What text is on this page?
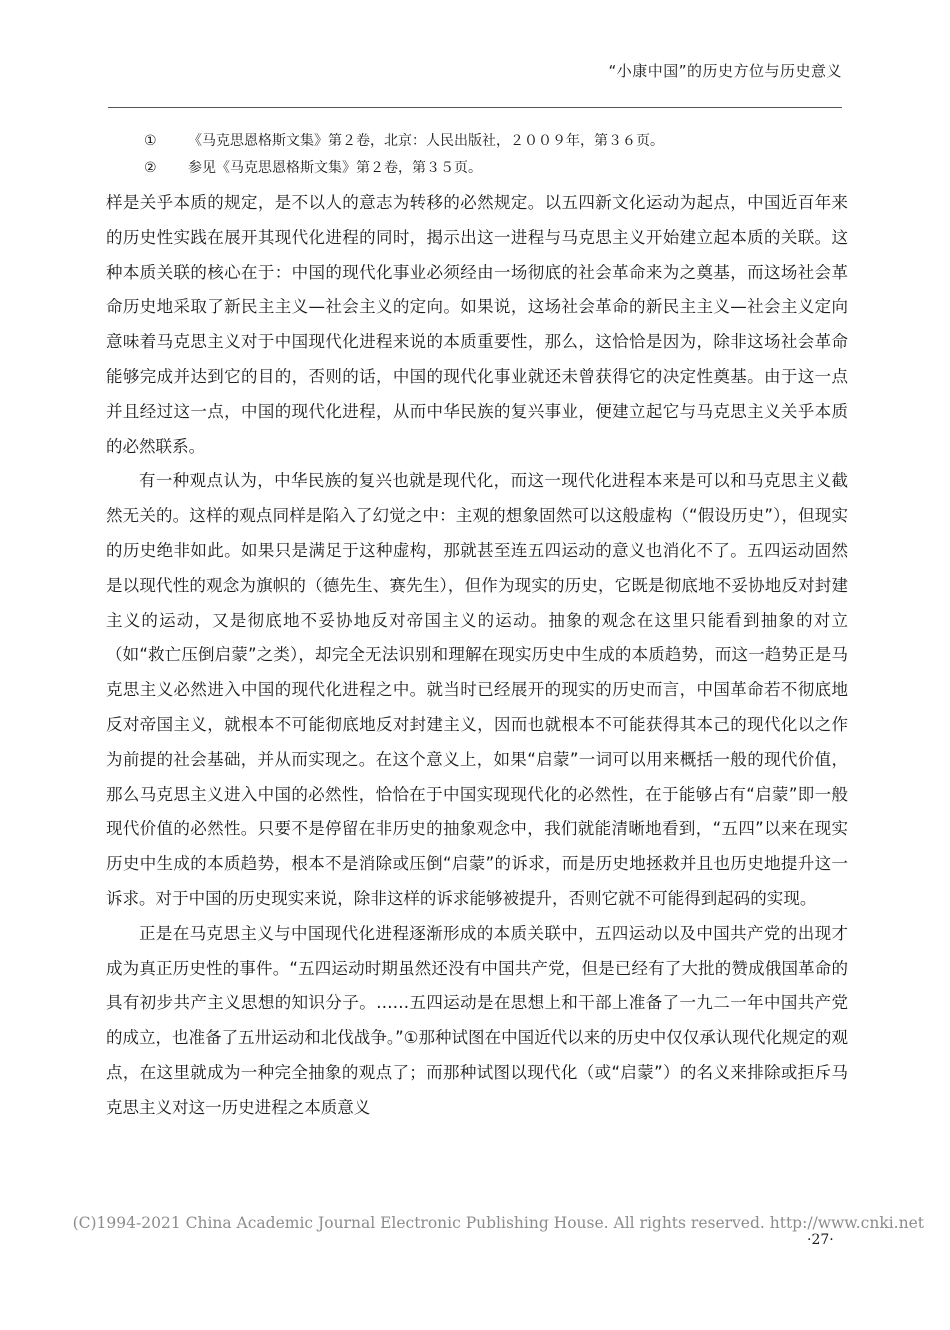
“小康中国”的历史方位与历史意义
① 《马克思恩格斯文集》第２卷，北京：人民出版社，２００９年，第３６页。
② 参见《马克思恩格斯文集》第２卷，第３５页。

样是关乎本质的规定，是不以人的意志为转移的必然规定。以五四新文化运动为起点，中国近百年来的历史性实践在展开其现代化进程的同时，揭示出这一进程与马克思主义开始建立起本质的关联。这种本质关联的核心在于：中国的现代化事业必须经由一场彻底的社会革命来为之奠基，而这场社会革命历史地采取了新民主主义—社会主义的定向。如果说，这场社会革命的新民主主义—社会主义定向意味着马克思主义对于中国现代化进程来说的本质重要性，那么，这恰恰是因为，除非这场社会革命能够完成并达到它的目的，否则的话，中国的现代化事业就还未曾获得它的决定性奠基。由于这一点并且经过这一点，中国的现代化进程，从而中华民族的复兴事业，便建立起它与马克思主义关乎本质的必然联系。

有一种观点认为，中华民族的复兴也就是现代化，而这一现代化进程本来是可以和马克思主义截然无关的。这样的观点同样是陷入了幻觉之中：主观的想象固然可以这般虚构（“假设历史”），但现实的历史绝非如此。如果只是满足于这种虚构，那就甚至连五四运动的意义也消化不了。五四运动固然是以现代性的观念为旗帜的（德先生、赛先生），但作为现实的历史，它既是彻底地不妥协地反对封建主义的运动，又是彻底地不妥协地反对帝国主义的运动。抽象的观念在这里只能看到抽象的对立（如“救亡压倒启蒙”之类），却完全无法识别和理解在现实历史中生成的本质趋势，而这一趋势正是马克思主义必然进入中国的现代化进程之中。就当时已经展开的现实的历史而言，中国革命若不彻底地反对帝国主义，就根本不可能彻底地反对封建主义，因而也就根本不可能获得其本己的现代化以之作为前提的社会基础，并从而实现之。在这个意义上，如果“启蒙”一词可以用来概括一般的现代价值，那么马克思主义进入中国的必然性，恰恰在于中国实现现代化的必然性，在于能够占有“启蒙”即一般现代价值的必然性。只要不是停留在非历史的抽象观念中，我们就能清晰地看到，“五四”以来在现实历史中生成的本质趋势，根本不是消除或压倒“启蒙”的诉求，而是历史地拯救并且也历史地提升这一诉求。对于中国的历史现实来说，除非这样的诉求能够被提升，否则它就不可能得到起码的实现。

正是在马克思主义与中国现代化进程逐渐形成的本质关联中，五四运动以及中国共产党的出现才成为真正历史性的事件。“五四运动时期虽然还没有中国共产党，但是已经有了大批的赞成俄国革命的具有初步共产主义思想的知识分子。……五四运动是在思想上和干部上准备了一九二一年中国共产党的成立，也准备了五卅运动和北伐战争。”①那种试图在中国近代以来的历史中仅仅承认现代化规定的观点，在这里就成为一种完全抽象的观点了；而那种试图以现代化（或“启蒙”）的名义来排除或拒斥马克思主义对这一历史进程之本质意义

(C)1994-2021 China Academic Journal Electronic Publishing House. All rights reserved. http://www.cnki.net
·27·
